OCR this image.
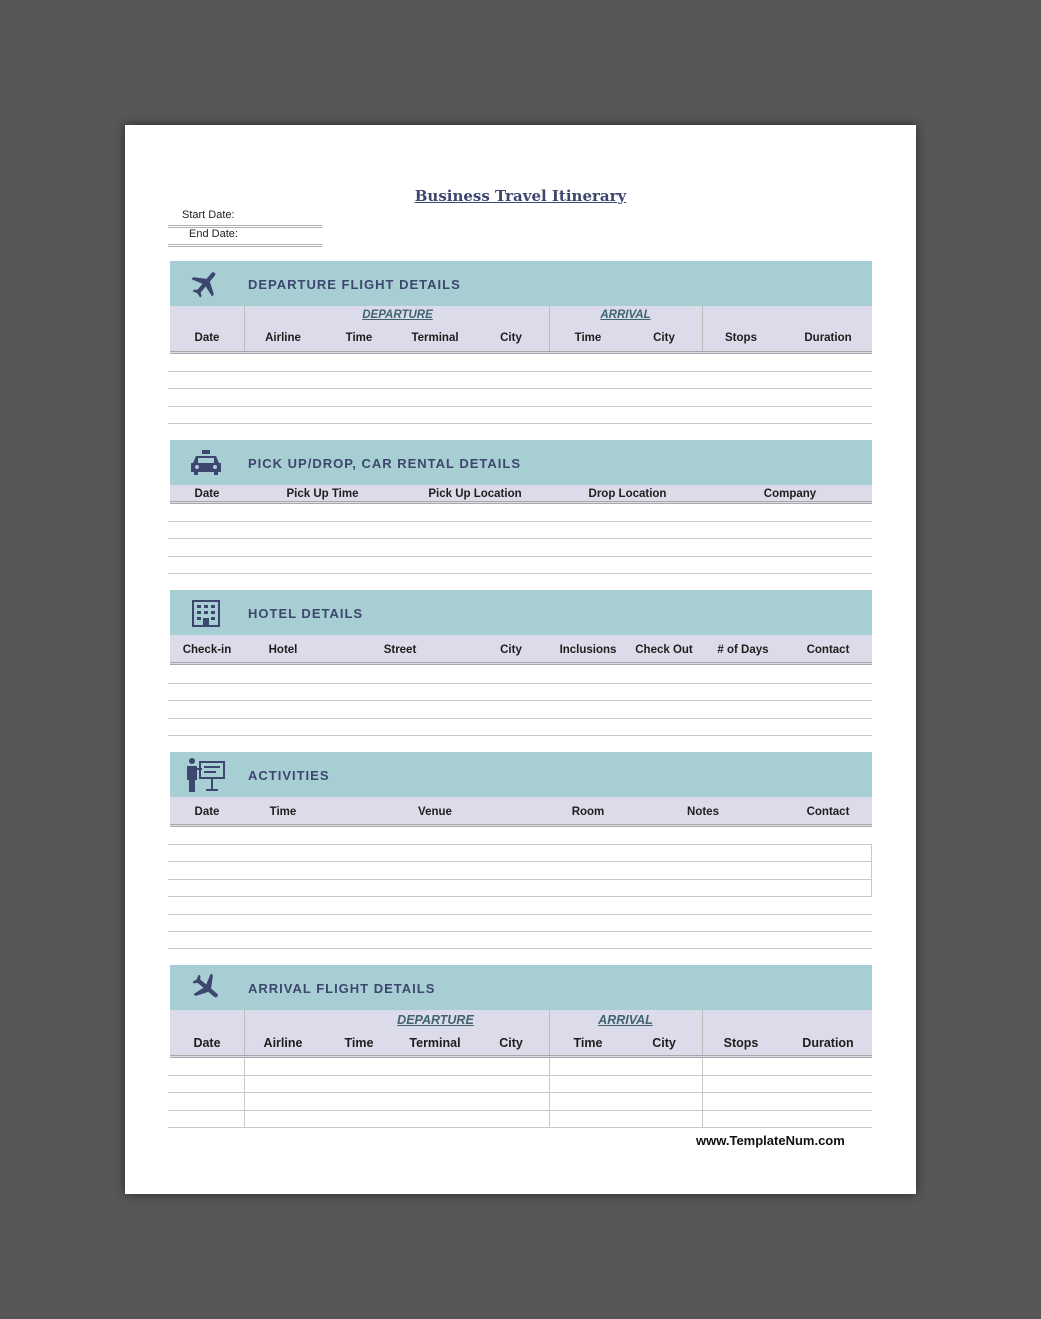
Business Travel Itinerary
Start Date:
End Date:
DEPARTURE FLIGHT DETAILS
DEPARTURE	ARRIVAL
Date	Airline	Time	Terminal	City	Time	City	Stops	Duration
PICK UP/DROP, CAR RENTAL DETAILS
Date	Pick Up Time	Pick Up Location	Drop Location	Company
HOTEL DETAILS
Check-in	Hotel	Street	City	Inclusions	Check Out	# of Days	Contact
ACTIVITIES
Date	Time	Venue	Room	Notes	Contact
ARRIVAL FLIGHT DETAILS
DEPARTURE	ARRIVAL
Date	Airline	Time	Terminal	City	Time	City	Stops	Duration
www.TemplateNum.com
